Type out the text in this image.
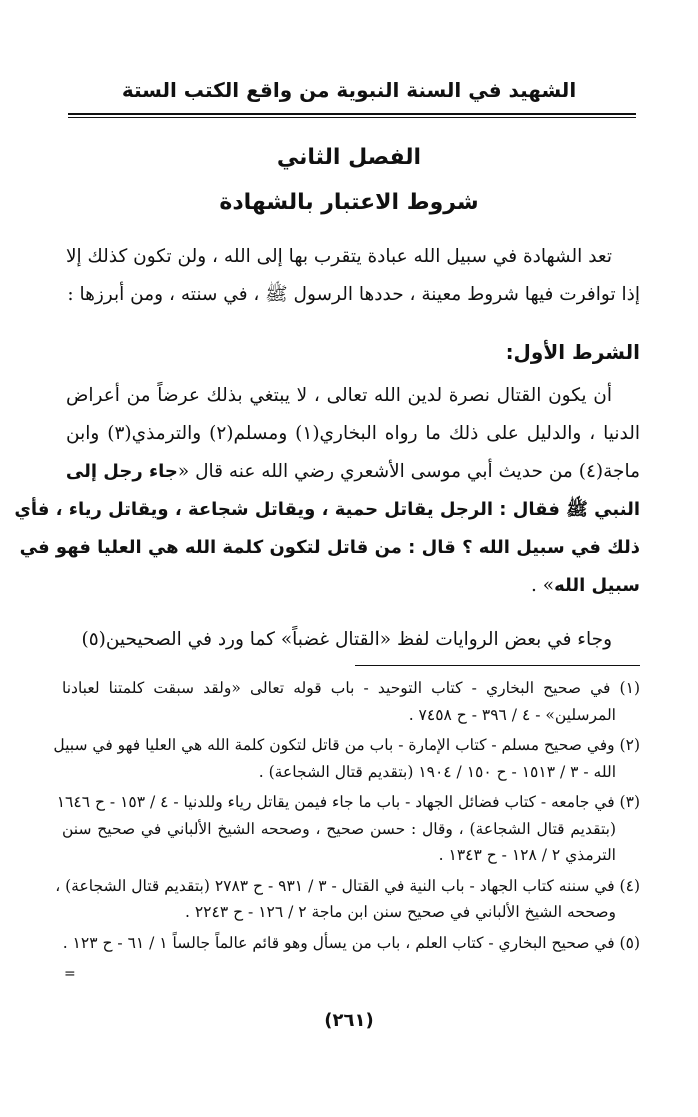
الشهيد في السنة النبوية من واقع الكتب الستة
الفصل الثاني
شروط الاعتبار بالشهادة
تعد الشهادة في سبيل الله عبادة يتقرب بها إلى الله ، ولن تكون كذلك إلا
إذا توافرت فيها شروط معينة ، حددها الرسول ﷺ ، في سنته ، ومن أبرزها :
الشرط الأول:
أن يكون القتال نصرة لدين الله تعالى ، لا يبتغي بذلك عرضاً من أعراض
الدنيا ، والدليل على ذلك ما رواه البخاري(١) ومسلم(٢) والترمذي(٣) وابن
ماجة(٤) من حديث أبي موسى الأشعري رضي الله عنه قال «جاء رجل إلى
النبي ﷺ فقال : الرجل يقاتل حمية ، ويقاتل شجاعة ، ويقاتل رياء ، فأي
ذلك في سبيل الله ؟ قال : من قاتل لتكون كلمة الله هي العليا فهو في
سبيل الله» .
وجاء في بعض الروايات لفظ «القتال غضباً» كما ورد في الصحيحين(٥)
(١) في صحيح البخاري - كتاب التوحيد - باب قوله تعالى «ولقد سبقت كلمتنا لعبادنا
المرسلين» - ٤ / ٣٩٦ - ح ٧٤٥٨ .
(٢) وفي صحيح مسلم - كتاب الإمارة - باب من قاتل لتكون كلمة الله هي العليا فهو في سبيل
الله - ٣ / ١٥١٣ - ح ١٥٠ / ١٩٠٤ (بتقديم قتال الشجاعة) .
(٣) في جامعه - كتاب فضائل الجهاد - باب ما جاء فيمن يقاتل رياء وللدنيا - ٤ / ١٥٣ - ح ١٦٤٦
(بتقديم قتال الشجاعة) ، وقال : حسن صحيح ، وصححه الشيخ الألباني في صحيح سنن
الترمذي ٢ / ١٢٨ - ح ١٣٤٣ .
(٤) في سننه كتاب الجهاد - باب النية في القتال - ٣ / ٩٣١ - ح ٢٧٨٣ (بتقديم قتال الشجاعة) ،
وصححه الشيخ الألباني في صحيح سنن ابن ماجة ٢ / ١٢٦ - ح ٢٢٤٣ .
(٥) في صحيح البخاري - كتاب العلم ، باب من يسأل وهو قائم عالماً جالساً ١ / ٦١ - ح ١٢٣ .
=
(٢٦١)
